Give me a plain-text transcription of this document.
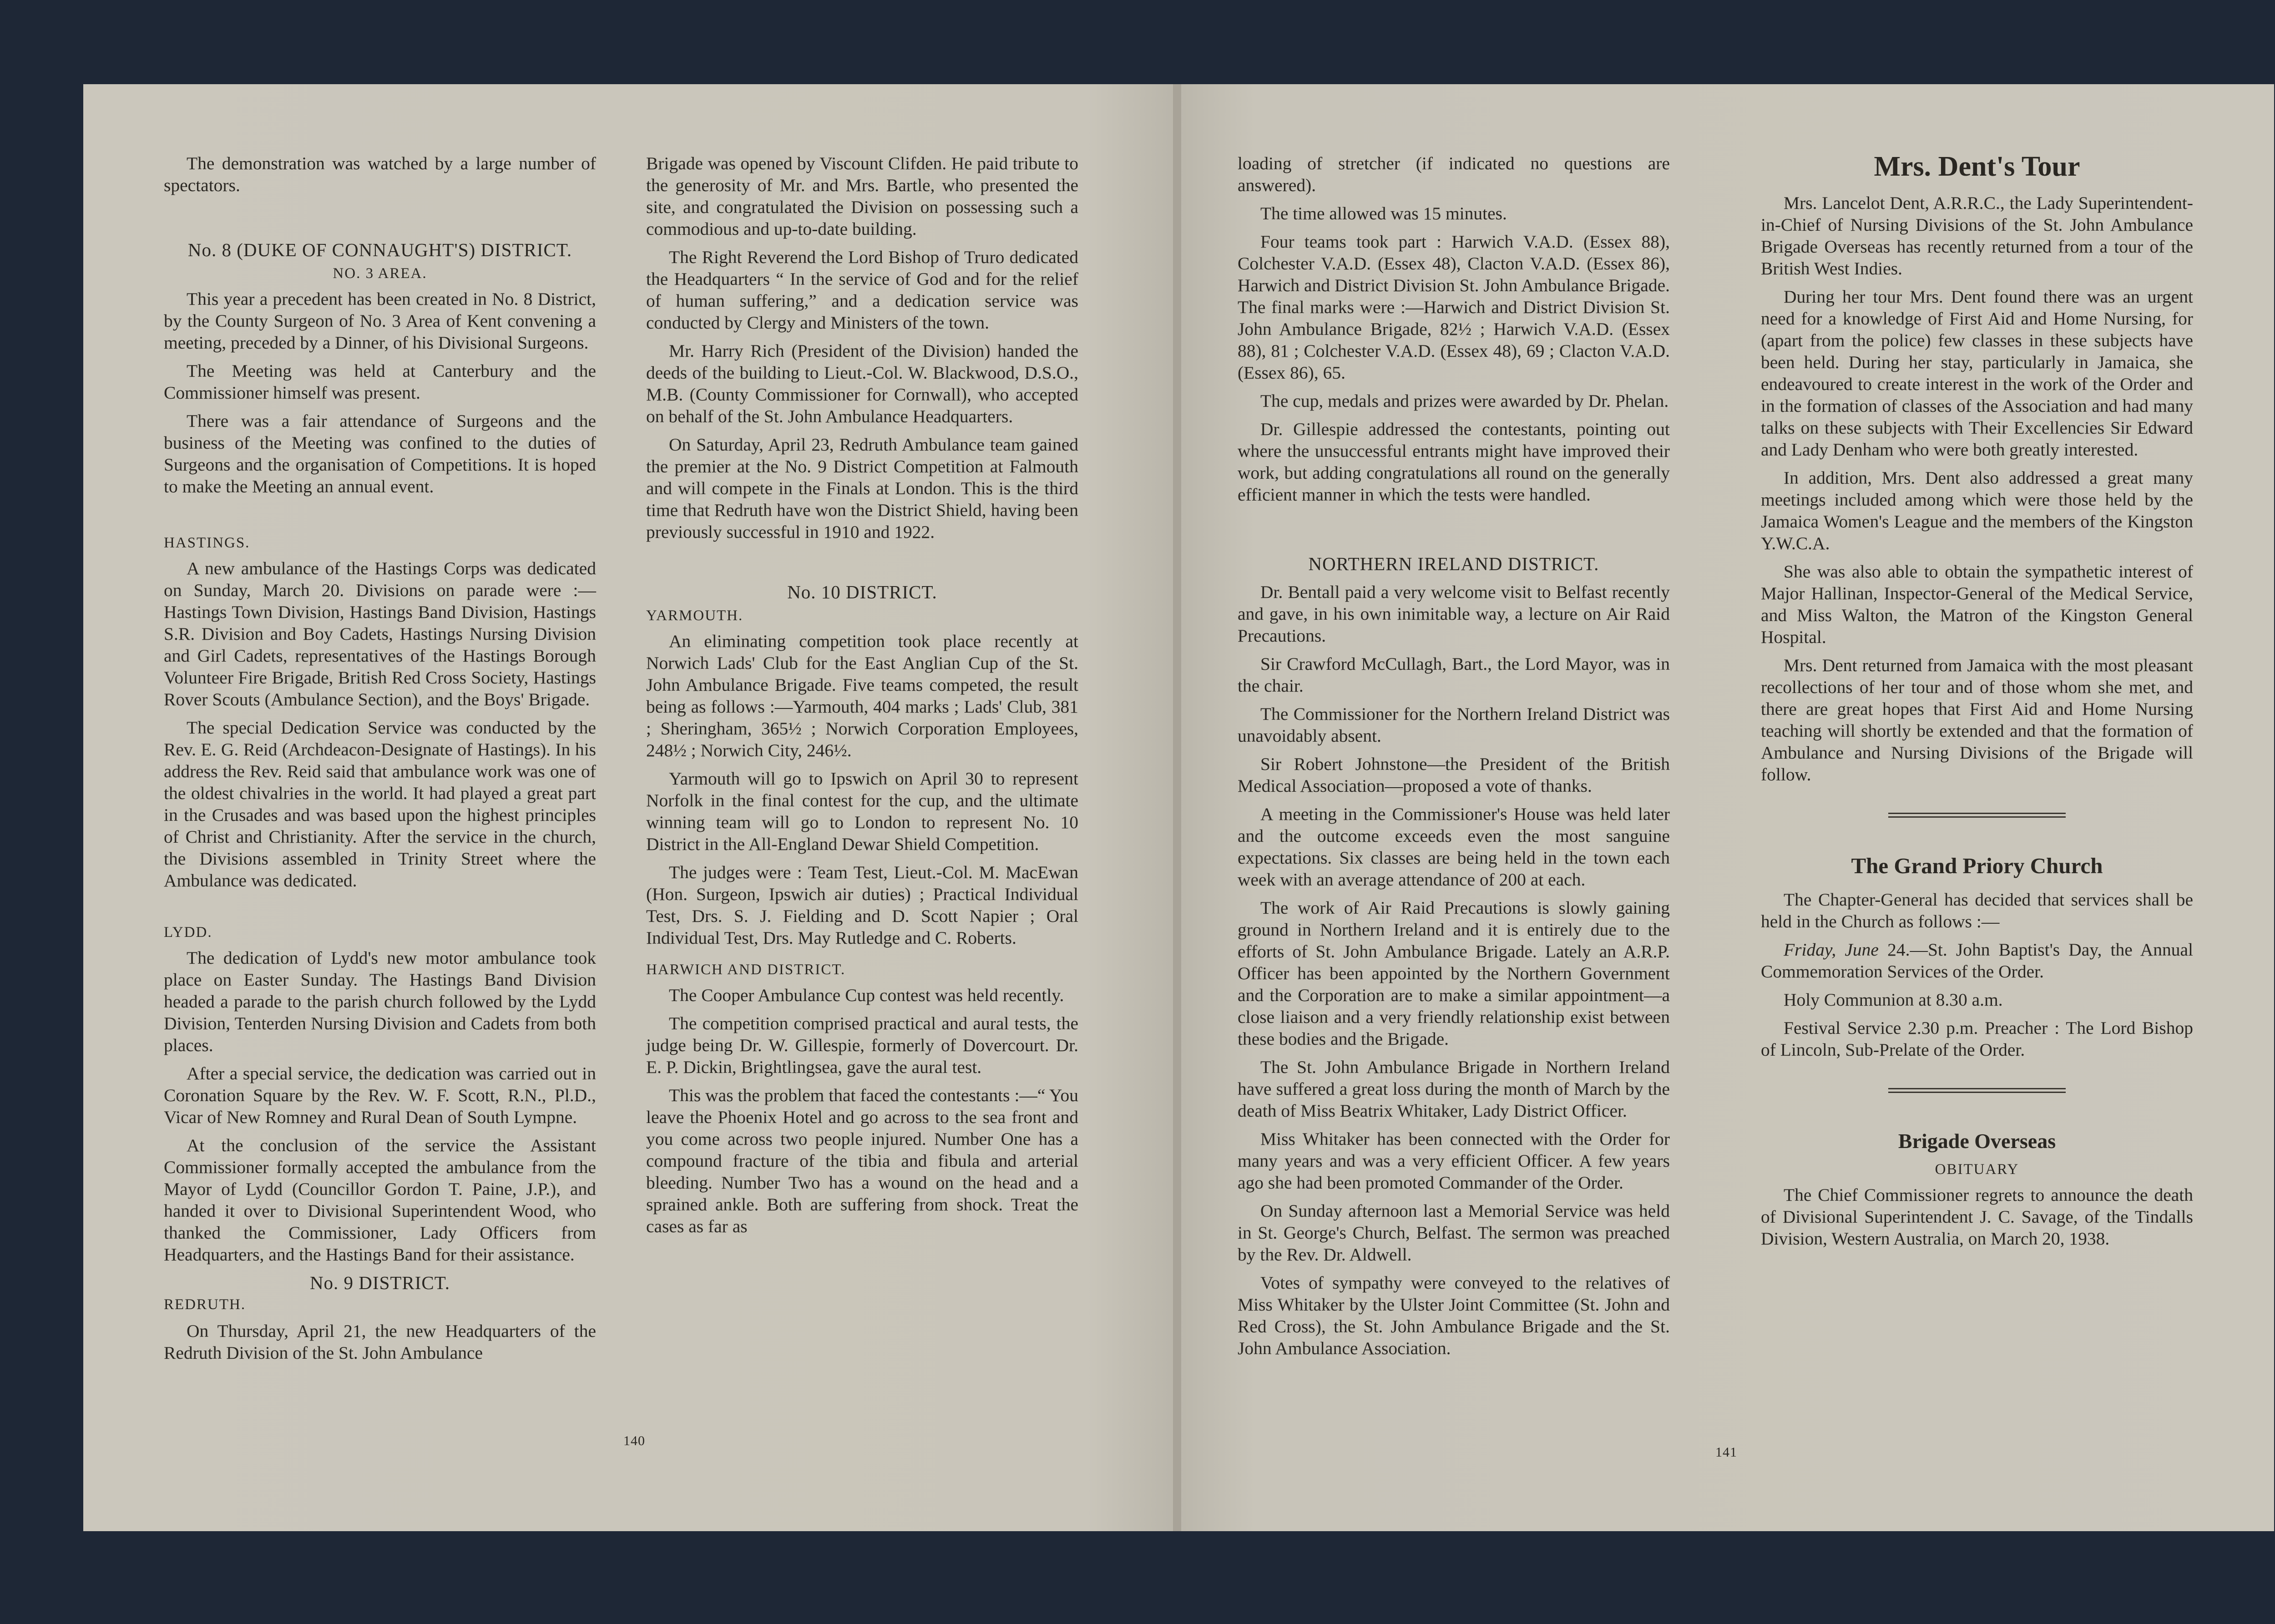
The demonstration was watched by a large number of spectators.

No. 8 (DUKE OF CONNAUGHT'S) DISTRICT.
NO. 3 AREA.

This year a precedent has been created in No. 8 District, by the County Surgeon of No. 3 Area of Kent convening a meeting, preceded by a Dinner, of his Divisional Surgeons.

The Meeting was held at Canterbury and the Commissioner himself was present.

There was a fair attendance of Surgeons and the business of the Meeting was confined to the duties of Surgeons and the organisation of Competitions. It is hoped to make the Meeting an annual event.

HASTINGS.

A new ambulance of the Hastings Corps was dedicated on Sunday, March 20. Divisions on parade were :—Hastings Town Division, Hastings Band Division, Hastings S.R. Division and Boy Cadets, Hastings Nursing Division and Girl Cadets, representatives of the Hastings Borough Volunteer Fire Brigade, British Red Cross Society, Hastings Rover Scouts (Ambulance Section), and the Boys' Brigade.

The special Dedication Service was conducted by the Rev. E. G. Reid (Archdeacon-Designate of Hastings). In his address the Rev. Reid said that ambulance work was one of the oldest chivalries in the world. It had played a great part in the Crusades and was based upon the highest principles of Christ and Christianity. After the service in the church, the Divisions assembled in Trinity Street where the Ambulance was dedicated.

LYDD.

The dedication of Lydd's new motor ambulance took place on Easter Sunday. The Hastings Band Division headed a parade to the parish church followed by the Lydd Division, Tenterden Nursing Division and Cadets from both places.

After a special service, the dedication was carried out in Coronation Square by the Rev. W. F. Scott, R.N., Pl.D., Vicar of New Romney and Rural Dean of South Lympne.

At the conclusion of the service the Assistant Commissioner formally accepted the ambulance from the Mayor of Lydd (Councillor Gordon T. Paine, J.P.), and handed it over to Divisional Superintendent Wood, who thanked the Commissioner, Lady Officers from Headquarters, and the Hastings Band for their assistance.

No. 9 DISTRICT.
REDRUTH.

On Thursday, April 21, the new Headquarters of the Redruth Division of the St. John Ambulance

Brigade was opened by Viscount Clifden. He paid tribute to the generosity of Mr. and Mrs. Bartle, who presented the site, and congratulated the Division on possessing such a commodious and up-to-date building.

The Right Reverend the Lord Bishop of Truro dedicated the Headquarters “ In the service of God and for the relief of human suffering,” and a dedication service was conducted by Clergy and Ministers of the town.

Mr. Harry Rich (President of the Division) handed the deeds of the building to Lieut.-Col. W. Blackwood, D.S.O., M.B. (County Commissioner for Cornwall), who accepted on behalf of the St. John Ambulance Headquarters.

On Saturday, April 23, Redruth Ambulance team gained the premier at the No. 9 District Competition at Falmouth and will compete in the Finals at London. This is the third time that Redruth have won the District Shield, having been previously successful in 1910 and 1922.

No. 10 DISTRICT.
YARMOUTH.

An eliminating competition took place recently at Norwich Lads' Club for the East Anglian Cup of the St. John Ambulance Brigade. Five teams competed, the result being as follows :—Yarmouth, 404 marks ; Lads' Club, 381 ; Sheringham, 365½ ; Norwich Corporation Employees, 248½ ; Norwich City, 246½.

Yarmouth will go to Ipswich on April 30 to represent Norfolk in the final contest for the cup, and the ultimate winning team will go to London to represent No. 10 District in the All-England Dewar Shield Competition.

The judges were : Team Test, Lieut.-Col. M. MacEwan (Hon. Surgeon, Ipswich air duties) ; Practical Individual Test, Drs. S. J. Fielding and D. Scott Napier ; Oral Individual Test, Drs. May Rutledge and C. Roberts.

HARWICH AND DISTRICT.

The Cooper Ambulance Cup contest was held recently.

The competition comprised practical and aural tests, the judge being Dr. W. Gillespie, formerly of Dovercourt. Dr. E. P. Dickin, Brightlingsea, gave the aural test.

This was the problem that faced the contestants :—“ You leave the Phoenix Hotel and go across to the sea front and you come across two people injured. Number One has a compound fracture of the tibia and fibula and arterial bleeding. Number Two has a wound on the head and a sprained ankle. Both are suffering from shock. Treat the cases as far as

140

loading of stretcher (if indicated no questions are answered).

The time allowed was 15 minutes.

Four teams took part : Harwich V.A.D. (Essex 88), Colchester V.A.D. (Essex 48), Clacton V.A.D. (Essex 86), Harwich and District Division St. John Ambulance Brigade. The final marks were :—Harwich and District Division St. John Ambulance Brigade, 82½ ; Harwich V.A.D. (Essex 88), 81 ; Colchester V.A.D. (Essex 48), 69 ; Clacton V.A.D. (Essex 86), 65.

The cup, medals and prizes were awarded by Dr. Phelan.

Dr. Gillespie addressed the contestants, pointing out where the unsuccessful entrants might have improved their work, but adding congratulations all round on the generally efficient manner in which the tests were handled.

NORTHERN IRELAND DISTRICT.

Dr. Bentall paid a very welcome visit to Belfast recently and gave, in his own inimitable way, a lecture on Air Raid Precautions.

Sir Crawford McCullagh, Bart., the Lord Mayor, was in the chair.

The Commissioner for the Northern Ireland District was unavoidably absent.

Sir Robert Johnstone—the President of the British Medical Association—proposed a vote of thanks.

A meeting in the Commissioner's House was held later and the outcome exceeds even the most sanguine expectations. Six classes are being held in the town each week with an average attendance of 200 at each.

The work of Air Raid Precautions is slowly gaining ground in Northern Ireland and it is entirely due to the efforts of St. John Ambulance Brigade. Lately an A.R.P. Officer has been appointed by the Northern Government and the Corporation are to make a similar appointment—a close liaison and a very friendly relationship exist between these bodies and the Brigade.

The St. John Ambulance Brigade in Northern Ireland have suffered a great loss during the month of March by the death of Miss Beatrix Whitaker, Lady District Officer.

Miss Whitaker has been connected with the Order for many years and was a very efficient Officer. A few years ago she had been promoted Commander of the Order.

On Sunday afternoon last a Memorial Service was held in St. George's Church, Belfast. The sermon was preached by the Rev. Dr. Aldwell.

Votes of sympathy were conveyed to the relatives of Miss Whitaker by the Ulster Joint Committee (St. John and Red Cross), the St. John Ambulance Brigade and the St. John Ambulance Association.

Mrs. Dent's Tour

Mrs. Lancelot Dent, A.R.R.C., the Lady Superintendent-in-Chief of Nursing Divisions of the St. John Ambulance Brigade Overseas has recently returned from a tour of the British West Indies.

During her tour Mrs. Dent found there was an urgent need for a knowledge of First Aid and Home Nursing, for (apart from the police) few classes in these subjects have been held. During her stay, particularly in Jamaica, she endeavoured to create interest in the work of the Order and in the formation of classes of the Association and had many talks on these subjects with Their Excellencies Sir Edward and Lady Denham who were both greatly interested.

In addition, Mrs. Dent also addressed a great many meetings included among which were those held by the Jamaica Women's League and the members of the Kingston Y.W.C.A.

She was also able to obtain the sympathetic interest of Major Hallinan, Inspector-General of the Medical Service, and Miss Walton, the Matron of the Kingston General Hospital.

Mrs. Dent returned from Jamaica with the most pleasant recollections of her tour and of those whom she met, and there are great hopes that First Aid and Home Nursing teaching will shortly be extended and that the formation of Ambulance and Nursing Divisions of the Brigade will follow.

The Grand Priory Church

The Chapter-General has decided that services shall be held in the Church as follows :—

Friday, June 24.—St. John Baptist's Day, the Annual Commemoration Services of the Order.

Holy Communion at 8.30 a.m.

Festival Service 2.30 p.m. Preacher : The Lord Bishop of Lincoln, Sub-Prelate of the Order.

Brigade Overseas
OBITUARY

The Chief Commissioner regrets to announce the death of Divisional Superintendent J. C. Savage, of the Tindalls Division, Western Australia, on March 20, 1938.

141
